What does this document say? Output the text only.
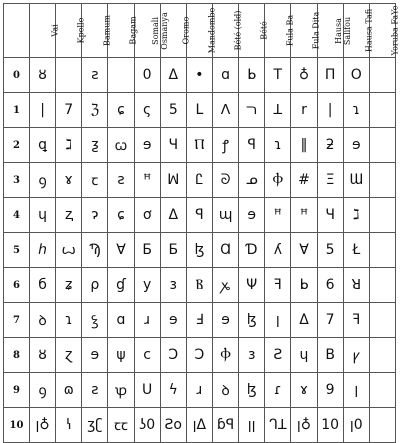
	Vai	Kpelle	Bamum	Bagam	Somali Osmanya	Oromo	Mandombe	Bété (old)	Bété	Fula Ba	Fula Dita	Hausa Salifou	Hausa Tafi	Yoruba FaYe
0	ȣ		ƨ		0	Δ	•	ɑ	ᖯ	T	♁	П	O	
1	|	7	ℨ	ɕ	ς	5	ᒪ	ⴷ	ﬧ	ꓕ	r	|	ɿ	
2	ꝗ	ℷ	ƺ	ꞷ	ɘ	Ч	Ⲡ	ꝭ	ꟼ	ɿ	‖	ƻ	ɘ	
3	ꝯ	ɤ	ꞇ	ƨ	ꟸ	ꟽ	Ꮭ	ᘐ	ᓄ	Ⲫ	#	Ξ	Ɯ	
4	ɥ	ⱬ	ɂ	ɕ	ơ	Δ	ꟼ	ɰ	ɘ	ꟸ	ꟸ	Ч	ℷ	
5	ℎ	ꙍ	Ϡ	Ɐ	Ƃ	Б	ɮ	Ɑ	Ɗ	ʎ	Ɐ	5	Ł	
6	б	ʑ	ρ	ɠ	y	ɜ	Ⲃ	ꭘ	Ψ	ꟻ	ᖯ	6	ꓤ	
7	ꝺ	ɿ	ꝣ	ɑ	ɹ	ɘ	Ⅎ	ɘ	ɮ	ꞁ	Δ	7	ꟻ	
8	ȣ	ɀ	ɘ	ψ	ϲ	Ↄ	Ɔ	Ⲫ	ɜ	Ƨ	ɥ	В	ꝩ	
9	ꝯ	ɷ	ƨ	ꝕ	U	ϟ	ɹ	ꝺ	ɮ	ɾ	ɤ	9	ꞁ	
10	ꞁ♁	ꝇ	ʒʗ	ꞇꞇ	ʖ0	Ƨo	ꞁΔ	ɓꟼ	ꞁꞁ	ᒉꓕ	ꞁ♁	10	ꞁ0	
